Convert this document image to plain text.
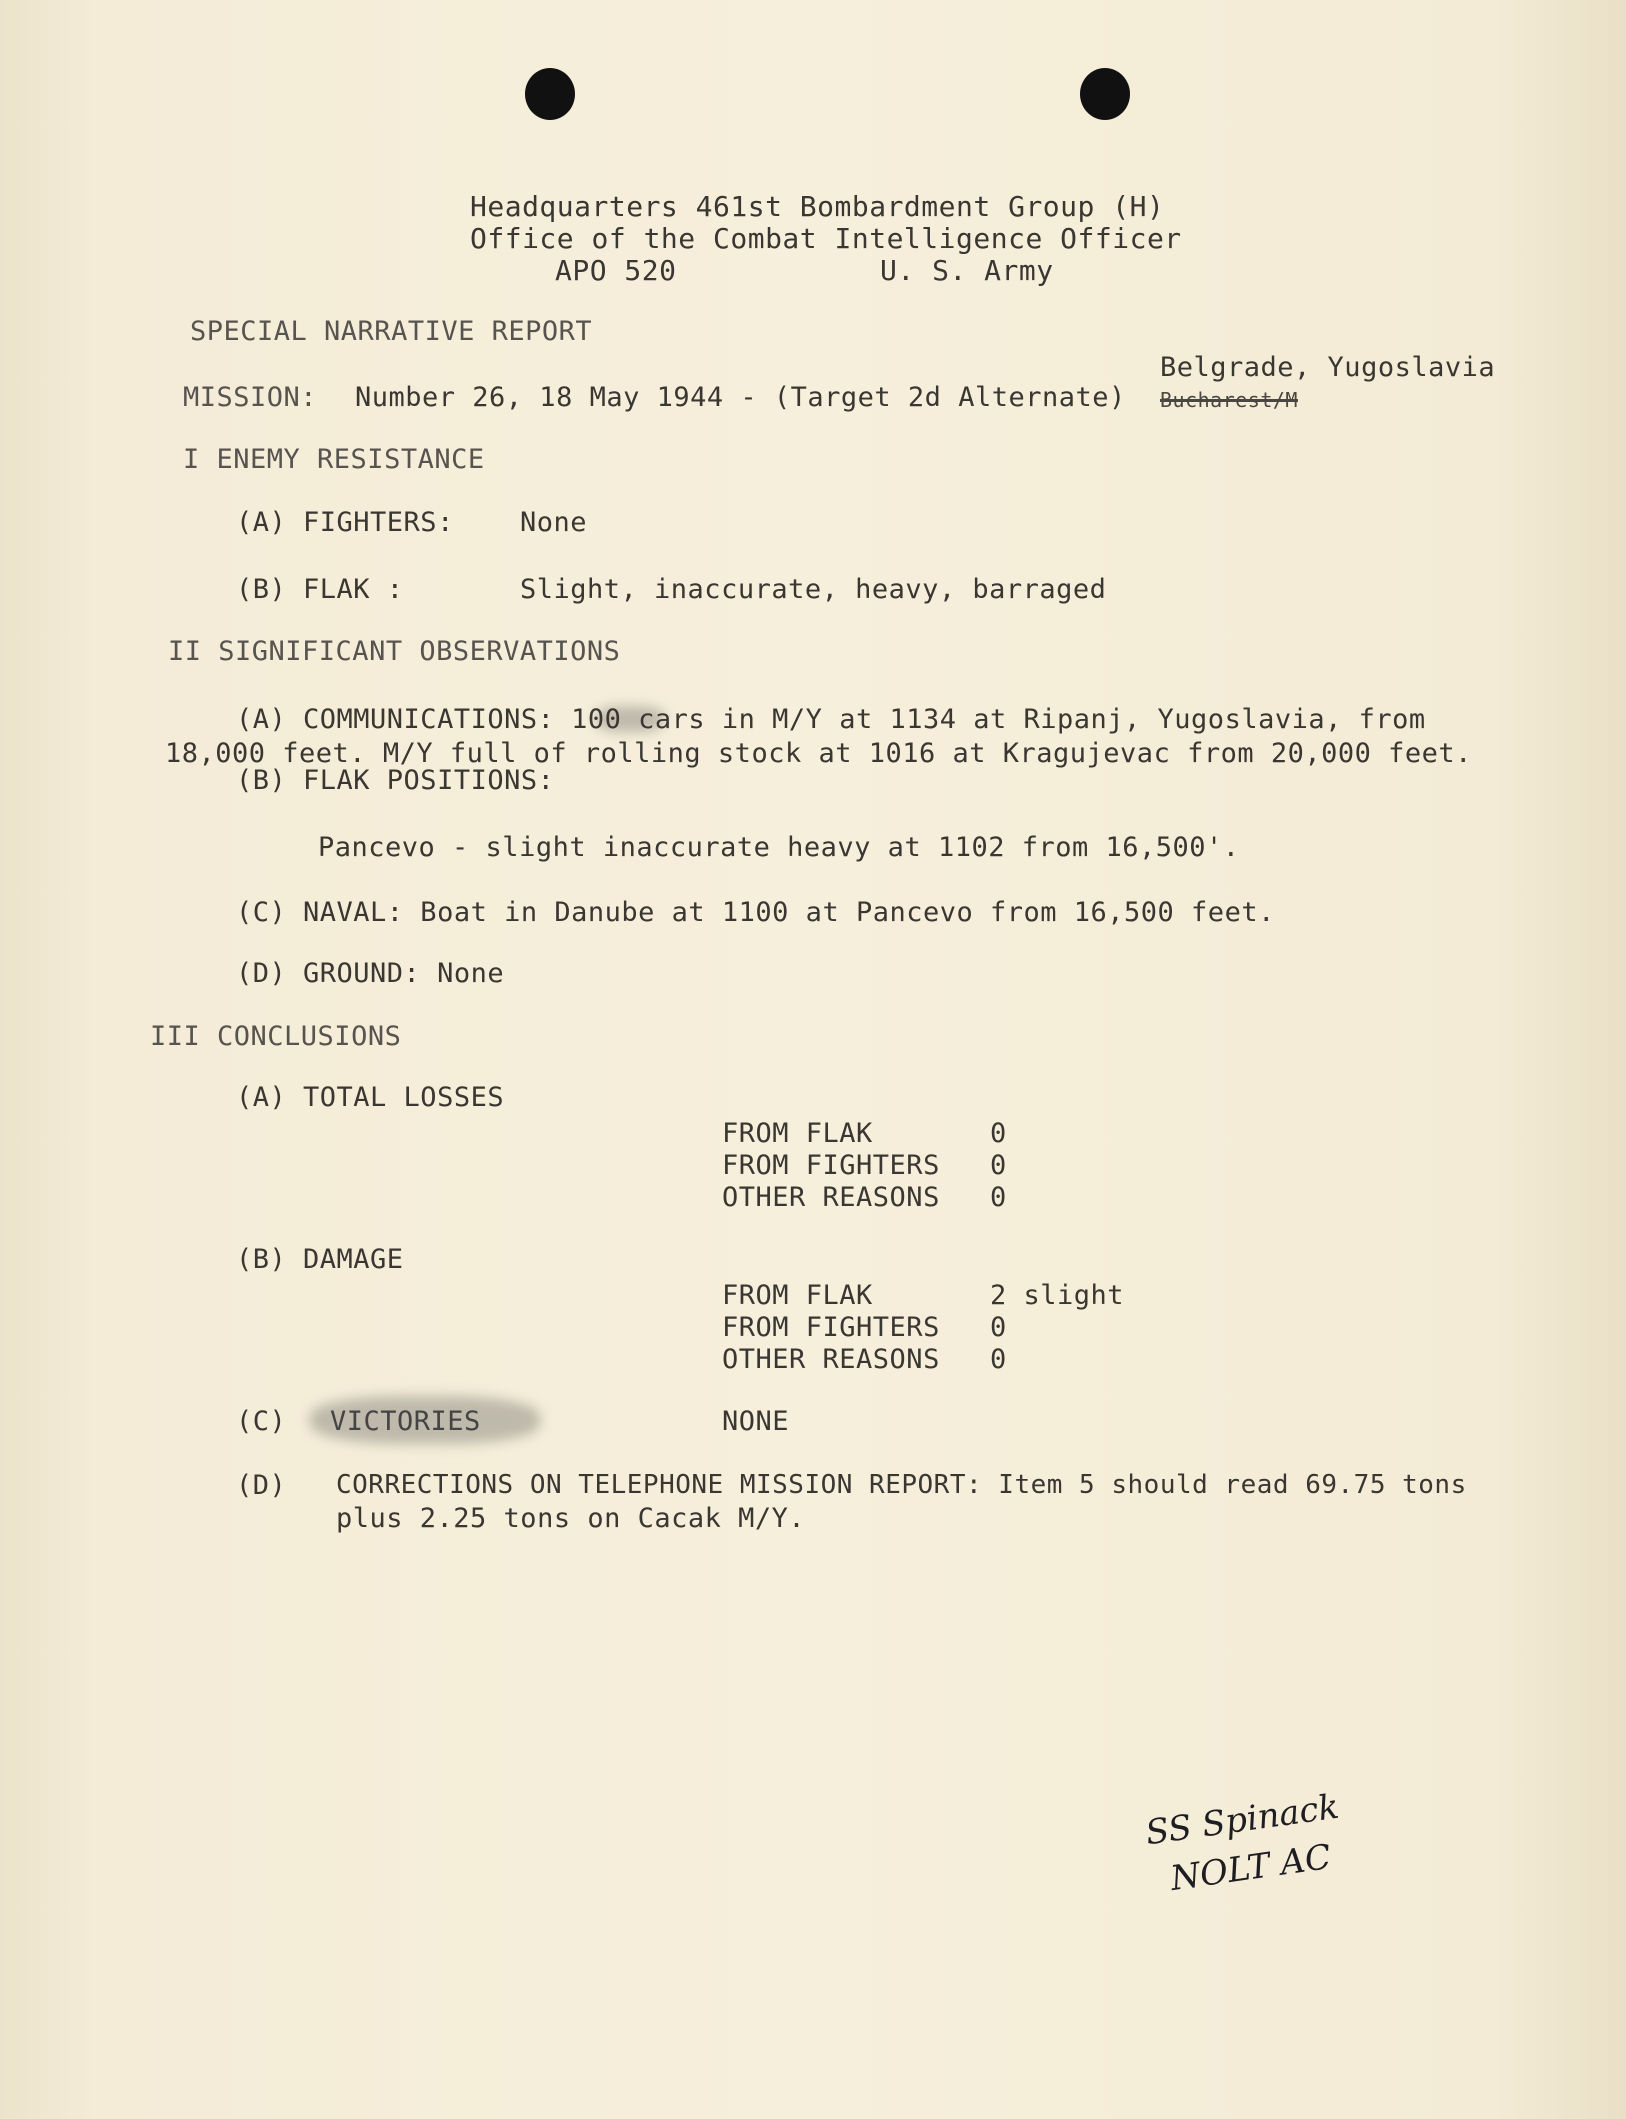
Headquarters 461st Bombardment Group (H)
Office of the Combat Intelligence Officer
APO 520	U. S. Army
SPECIAL NARRATIVE REPORT
Belgrade, Yugoslavia
MISSION: Number 26, 18 May 1944 - (Target 2d Alternate) Bucharest/M
I ENEMY RESISTANCE
(A) FIGHTERS: None
(B) FLAK :	Slight, inaccurate, heavy, barraged
II SIGNIFICANT OBSERVATIONS
(A) COMMUNICATIONS: 100 cars in M/Y at 1134 at Ripanj, Yugoslavia, from
18,000 feet. M/Y full of rolling stock at 1016 at Kragujevac from 20,000 feet.
(B) FLAK POSITIONS:
Pancevo - slight inaccurate heavy at 1102 from 16,500'.
(C) NAVAL: Boat in Danube at 1100 at Pancevo from 16,500 feet.
(D) GROUND: None
III CONCLUSIONS
(A) TOTAL LOSSES
FROM FLAK	0
FROM FIGHTERS 0
OTHER REASONS 0
(B) DAMAGE
FROM FLAK	2 slight
FROM FIGHTERS 0
OTHER REASONS 0
(C) VICTORIES	NONE
(D) CORRECTIONS ON TELEPHONE MISSION REPORT: Item 5 should read 69.75 tons
plus 2.25 tons on Cacak M/Y.
SS Spinack
NOLT AC
